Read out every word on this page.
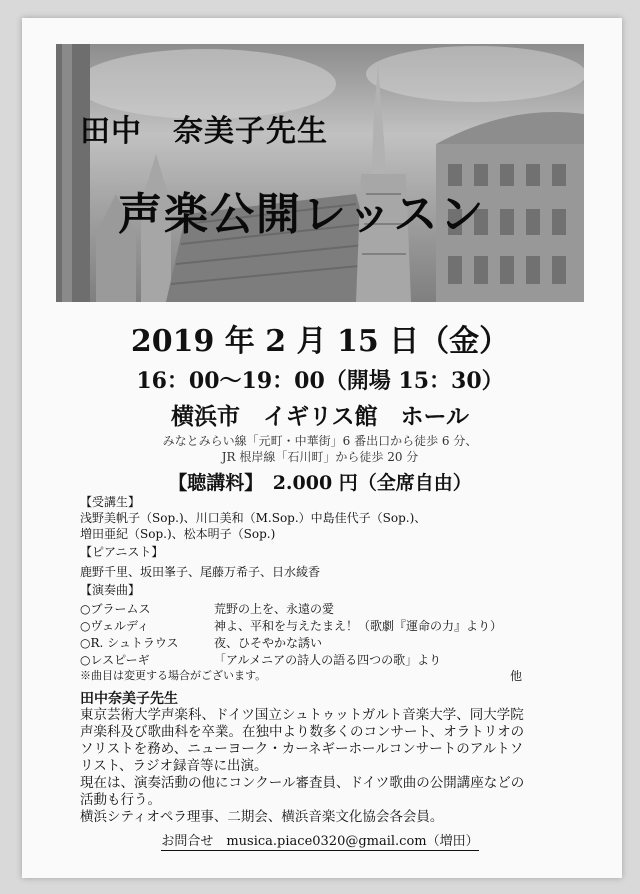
田中　奈美子先生
声楽公開レッスン
2019 年 2 月 15 日（金）
16：00～19：00（開場 15：30）
横浜市　イギリス館　ホール
みなとみらい線「元町・中華街」6 番出口から徒歩 6 分、
JR 根岸線「石川町」から徒歩 20 分
【聴講料】　2.000 円（全席自由）
【受講生】
浅野美帆子（Sop.)、川口美和（M.Sop.）中島佳代子（Sop.)、
増田亜紀（Sop.)、松本明子（Sop.)
【ピアニスト】
鹿野千里、坂田峯子、尾藤万希子、日水綾香
【演奏曲】
○ブラームス	荒野の上を、永遠の愛
○ヴェルディ	神よ、平和を与えたまえ！（歌劇『運命の力』より）
○R. シュトラウス	夜、ひそやかな誘い
○レスピーギ	「アルメニアの詩人の語る四つの歌」より
※曲目は変更する場合がございます。	他
田中奈美子先生
東京芸術大学声楽科、ドイツ国立シュトゥットガルト音楽大学、同大学院
声楽科及び歌曲科を卒業。在独中より数多くのコンサート、オラトリオの
ソリストを務め、ニューヨーク・カーネギーホールコンサートのアルトソ
リスト、ラジオ録音等に出演。
現在は、演奏活動の他にコンクール審査員、ドイツ歌曲の公開講座などの
活動も行う。
横浜シティオペラ理事、二期会、横浜音楽文化協会各会員。
お問合せ　musica.piace0320@gmail.com（増田）
